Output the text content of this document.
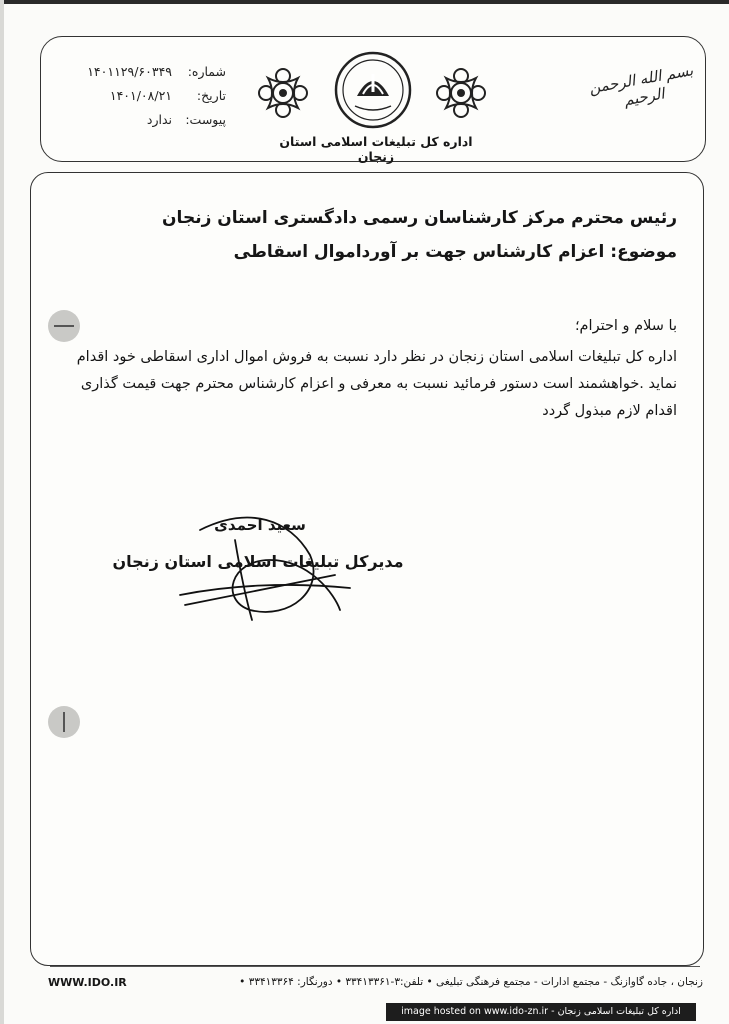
شماره:
۱۴۰۱۱۲۹/۶۰۳۴۹
تاریخ:
۱۴۰۱/۰۸/۲۱
پیوست:
ندارد
بسم الله الرحمن الرحیم
اداره کل تبلیغات اسلامی استان زنجان
رئیس محترم مرکز کارشناسان رسمی دادگستری استان زنجان
موضوع: اعزام کارشناس جهت بر آورداموال اسقاطی
با سلام و احترام؛
اداره کل تبلیغات اسلامی استان زنجان در نظر دارد نسبت به فروش اموال اداری اسقاطی خود اقدام نماید .خواهشمند است دستور فرمائید نسبت به معرفی و اعزام کارشناس محترم جهت قیمت گذاری اقدام لازم مبذول گردد
سعید احمدی
مدیرکل تبلیغات اسلامی استان زنجان
زنجان ، جاده گاوازنگ - مجتمع ادارات - مجتمع فرهنگی تبلیغی • تلفن:۳-۳۳۴۱۳۳۶۱ • دورنگار: ۳۳۴۱۳۳۶۴ •
WWW.IDO.IR
image hosted on www.ido-zn.ir - اداره کل تبلیغات اسلامی زنجان
